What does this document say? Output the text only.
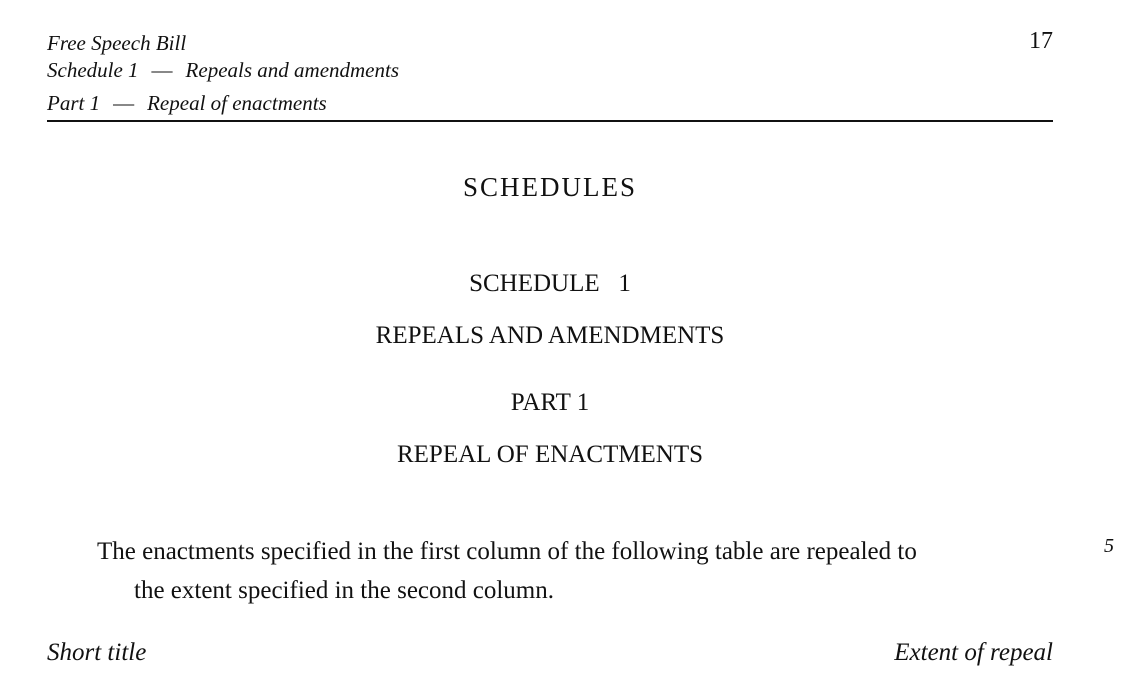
Free Speech Bill
Schedule 1 — Repeals and amendments
Part 1 — Repeal of enactments
17
SCHEDULES
SCHEDULE   1
REPEALS AND AMENDMENTS
PART 1
REPEAL OF ENACTMENTS
The enactments specified in the first column of the following table are repealed to
the extent specified in the second column.
5
Short title	Extent of repeal
